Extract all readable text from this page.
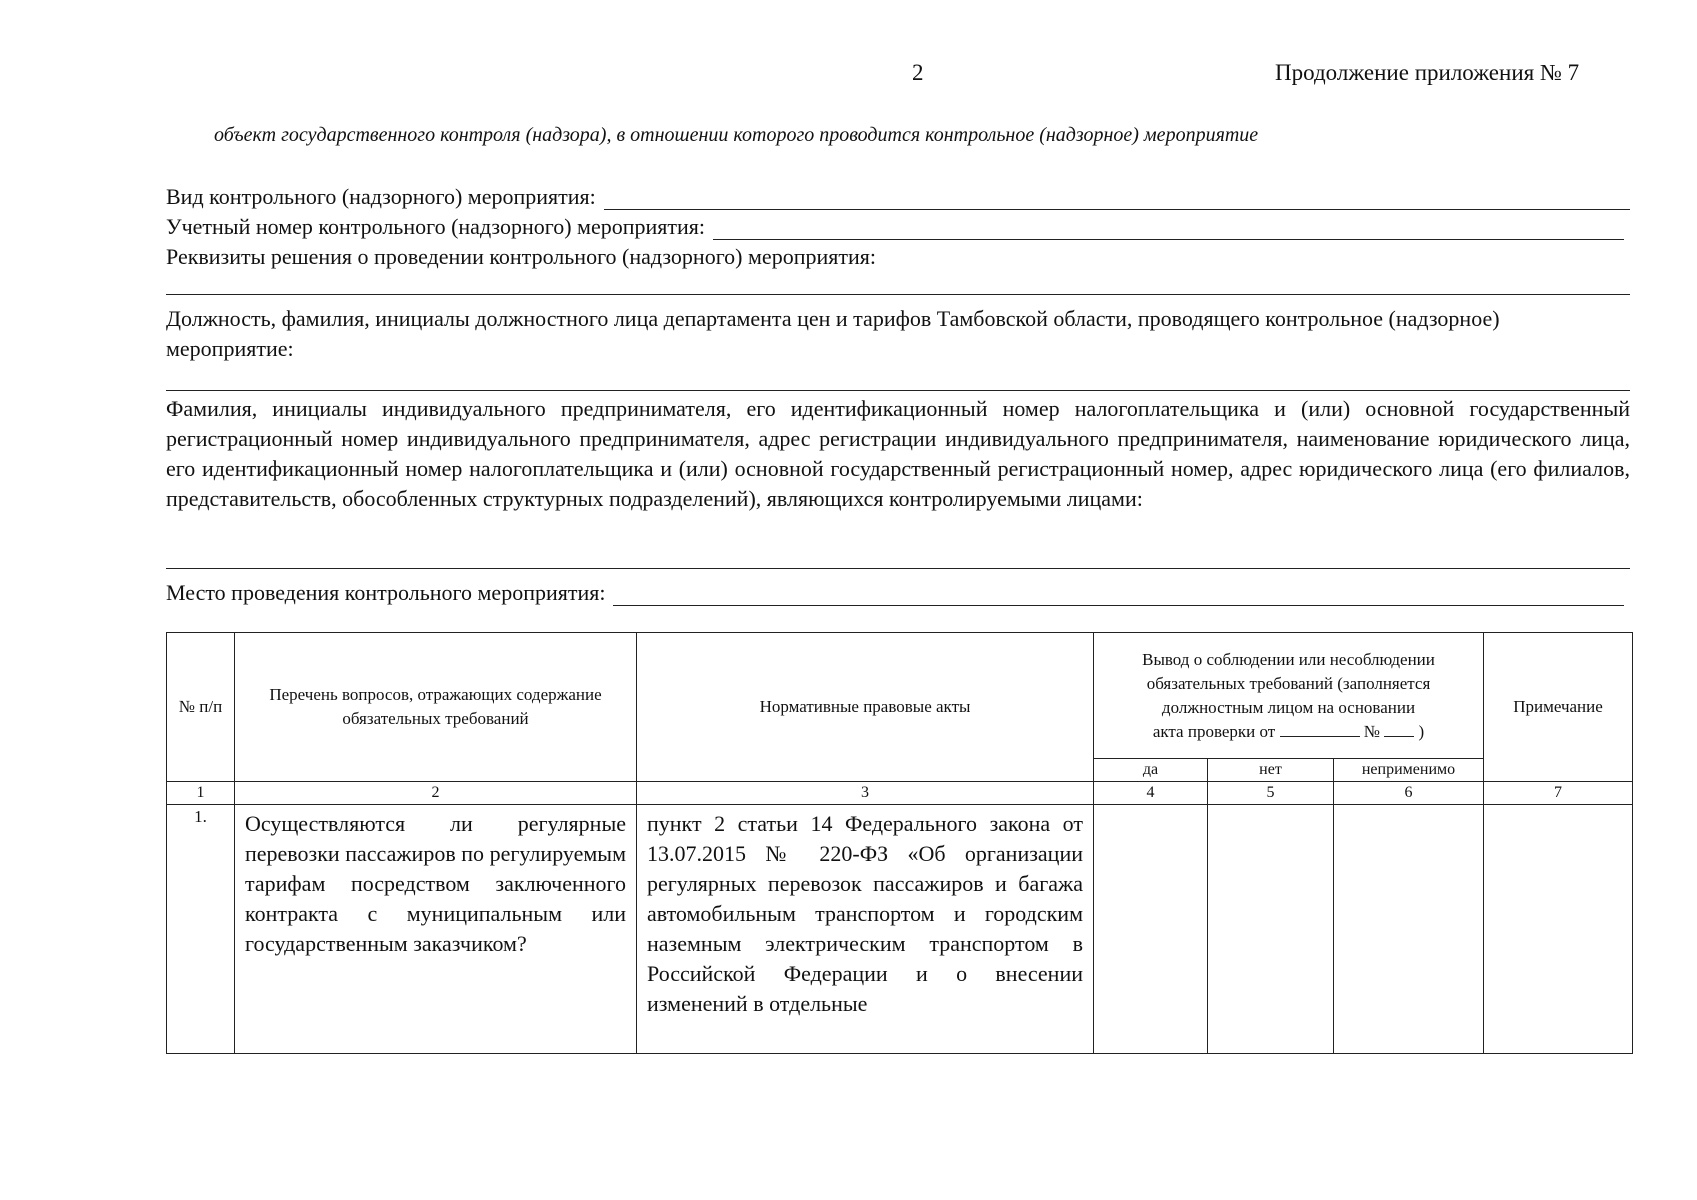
2	Продолжение приложения № 7
объект государственного контроля (надзора), в отношении которого проводится контрольное (надзорное) мероприятие
Вид контрольного (надзорного) мероприятия:
Учетный номер контрольного (надзорного) мероприятия:
Реквизиты решения о проведении контрольного (надзорного) мероприятия:
Должность, фамилия, инициалы должностного лица департамента цен и тарифов Тамбовской области, проводящего контрольное (надзорное) мероприятие:
Фамилия, инициалы индивидуального предпринимателя, его идентификационный номер налогоплательщика и (или) основной государственный регистрационный номер индивидуального предпринимателя, адрес регистрации индивидуального предпринимателя, наименование юридического лица, его идентификационный номер налогоплательщика и (или) основной государственный регистрационный номер, адрес юридического лица (его филиалов, представительств, обособленных структурных подразделений), являющихся контролируемыми лицами:
Место проведения контрольного мероприятия:
№ п/п	Перечень вопросов, отражающих содержание обязательных требований	Нормативные правовые акты	Вывод о соблюдении или несоблюдении обязательных требований (заполняется должностным лицом на основании акта проверки от № )			Примечание
			да	нет	неприменимо	
1	2	3	4	5	6	7
1.	Осуществляются ли регулярные перевозки пассажиров по регулируемым тарифам посредством заключенного контракта с муниципальным или государственным заказчиком?	пункт 2 статьи 14 Федерального закона от 13.07.2015 № 220-ФЗ «Об организации регулярных перевозок пассажиров и багажа автомобильным транспортом и городским наземным электрическим транспортом в Российской Федерации и о внесении изменений в отдельные				
